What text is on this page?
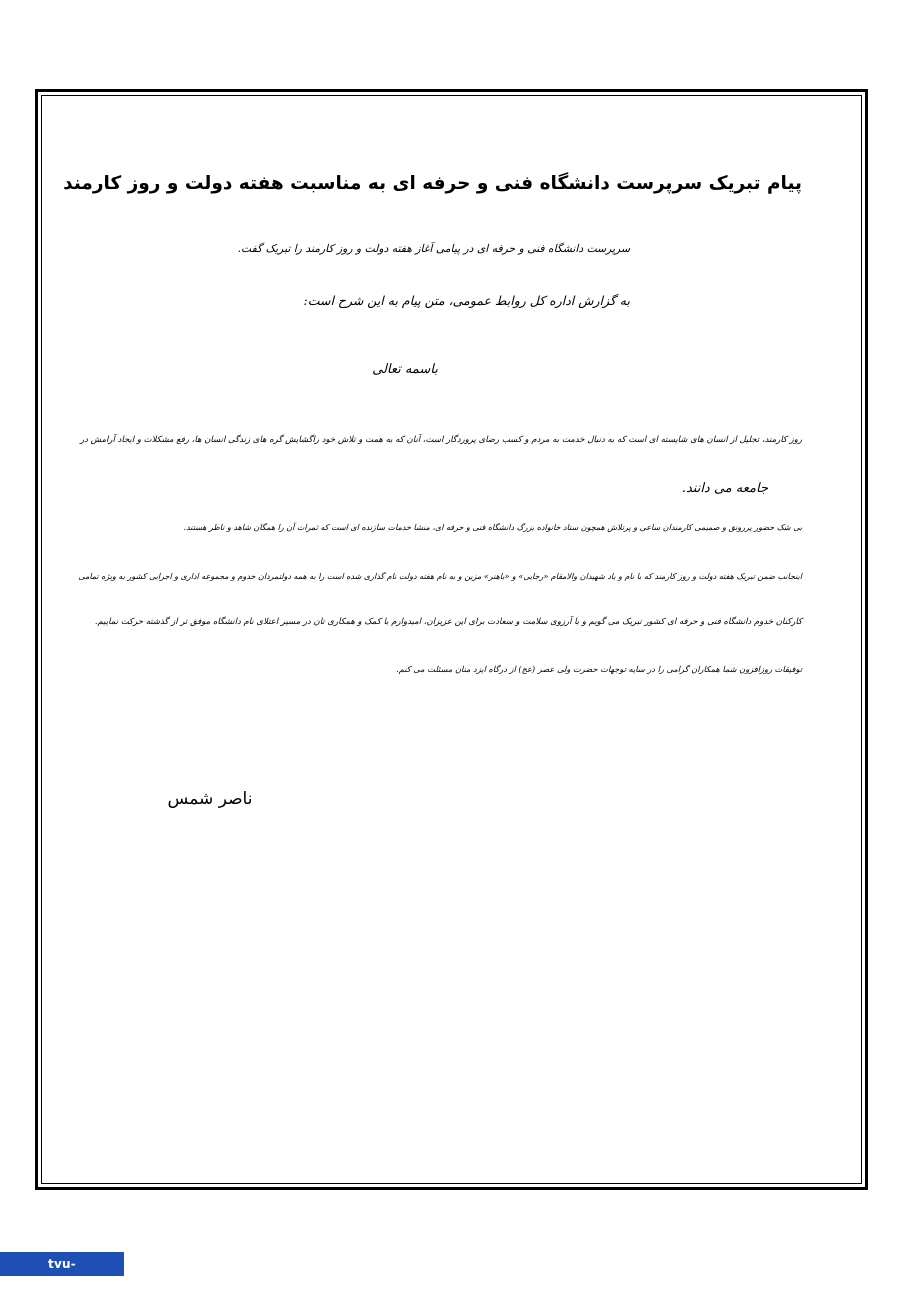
پیام تبریک سرپرست دانشگاه فنی و حرفه ای به مناسبت هفته دولت و روز کارمند
سرپرست دانشگاه فنی و حرفه ای در پیامی آغاز هفته دولت و روز کارمند را تبریک گفت.
به گزارش اداره کل روابط عمومی، متن پیام به این شرح است:
باسمه تعالی
روز کارمند، تجلیل از انسان های شایسته ای است که به دنبال خدمت به مردم و کسب رضای پروردگار است، آنان که به همت و تلاش خود راگشایش گره های زندگی انسان ها، رفع مشکلات و ایجاد آرامش در
جامعه می دانند.
بی شک حضور پررونق و صمیمی کارمندان ساعی و پرتلاش همچون ستاد خانواده بزرگ دانشگاه فنی و حرفه ای، منشا خدمات سازنده ای است که ثمرات آن را همگان شاهد و ناظر هستند.
اینجانب ضمن تبریک هفته دولت و روز کارمند که با نام و یاد شهیدان والامقام «رجایی» و «باهنر» مزین و به نام هفته دولت نام گذاری شده است را به همه دولتمردان خدوم و مجموعه اداری و اجرایی کشور به ویژه تمامی
کارکنان خدوم دانشگاه فنی و حرفه ای کشور تبریک می گویم و با آرزوی سلامت و سعادت برای این عزیزان، امیدوارم با کمک و همکاری تان در مسیر اعتلای نام دانشگاه موفق تر از گذشته حرکت نماییم.
توفیقات روزافزون شما همکاران گرامی را در سایه توجهات حضرت ولی عصر (عج) از درگاه ایزد منان مسئلت می کنم.
ناصر شمس
tvu-babol.tvu.ac.ir
